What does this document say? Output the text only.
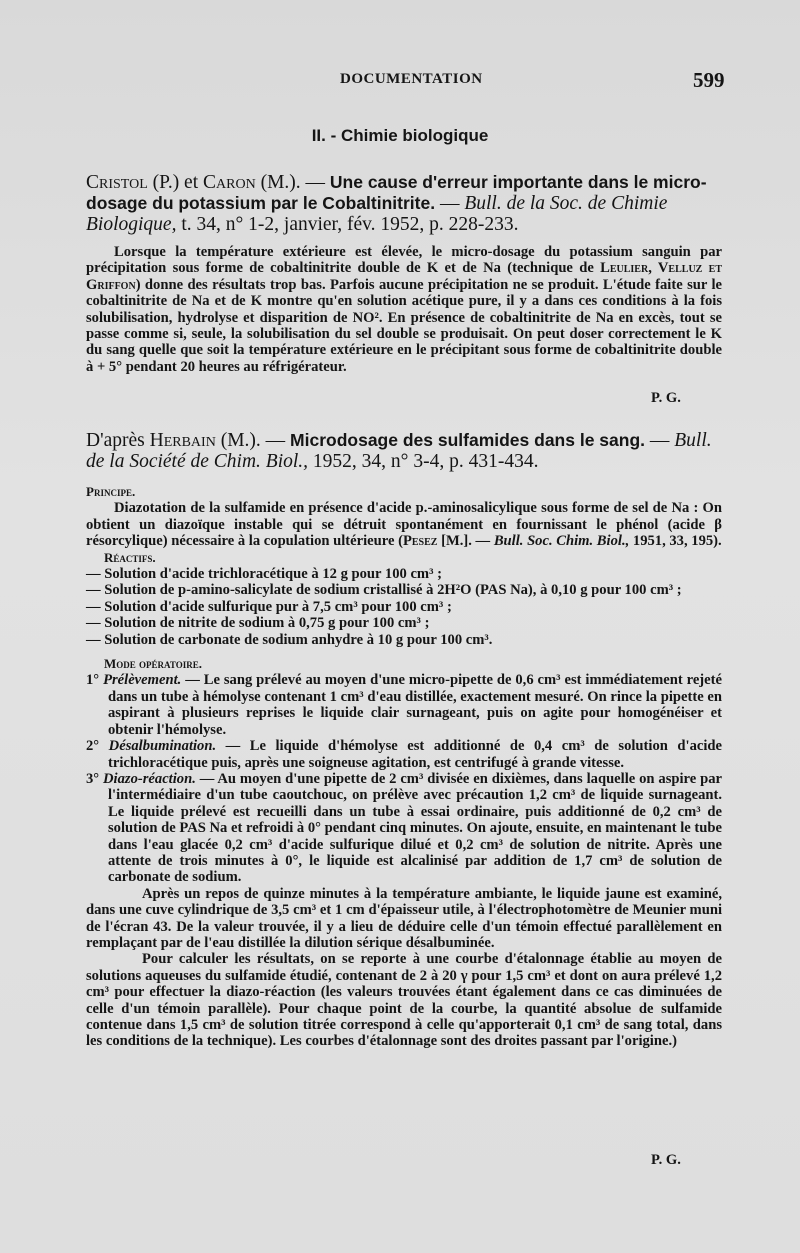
DOCUMENTATION	599
II. - Chimie biologique
Cristol (P.) et Caron (M.). — Une cause d'erreur importante dans le micro-dosage du potassium par le Cobaltinitrite. — Bull. de la Soc. de Chimie Biologique, t. 34, n° 1-2, janvier, fév. 1952, p. 228-233.

Lorsque la température extérieure est élevée, le micro-dosage du potassium sanguin par précipitation sous forme de cobaltinitrite double de K et de Na (technique de Leulier, Velluz et Griffon) donne des résultats trop bas. Parfois aucune précipitation ne se produit. L'étude faite sur le cobaltinitrite de Na et de K montre qu'en solution acétique pure, il y a dans ces conditions à la fois solubilisation, hydrolyse et disparition de NO². En présence de cobaltinitrite de Na en excès, tout se passe comme si, seule, la solubilisation du sel double se produisait. On peut doser correctement le K du sang quelle que soit la température extérieure en le précipitant sous forme de cobaltinitrite double à + 5° pendant 20 heures au réfrigérateur.

P. G.
D'après Herbain (M.). — Microdosage des sulfamides dans le sang. — Bull. de la Société de Chim. Biol., 1952, 34, n° 3-4, p. 431-434.

Principe.

Diazotation de la sulfamide en présence d'acide p.-aminosalicylique sous forme de sel de Na : On obtient un diazoïque instable qui se détruit spontanément en fournissant le phénol (acide β résorcylique) nécessaire à la copulation ultérieure (Pesez [M.]. — Bull. Soc. Chim. Biol., 1951, 33, 195).

Réactifs.

— Solution d'acide trichloracétique à 12 g pour 100 cm³ ;

— Solution de p-amino-salicylate de sodium cristallisé à 2H²O (PAS Na), à 0,10 g pour 100 cm³ ;

— Solution d'acide sulfurique pur à 7,5 cm³ pour 100 cm³ ;

— Solution de nitrite de sodium à 0,75 g pour 100 cm³ ;

— Solution de carbonate de sodium anhydre à 10 g pour 100 cm³.

Mode opératoire.

1° Prélèvement. — Le sang prélevé au moyen d'une micro-pipette de 0,6 cm³ est immédiatement rejeté dans un tube à hémolyse contenant 1 cm³ d'eau distillée, exactement mesuré. On rince la pipette en aspirant à plusieurs reprises le liquide clair surnageant, puis on agite pour homogénéiser et obtenir l'hémolyse.

2° Désalbumination. — Le liquide d'hémolyse est additionné de 0,4 cm³ de solution d'acide trichloracétique puis, après une soigneuse agitation, est centrifugé à grande vitesse.

3° Diazo-réaction. — Au moyen d'une pipette de 2 cm³ divisée en dixièmes, dans laquelle on aspire par l'intermédiaire d'un tube caoutchouc, on prélève avec précaution 1,2 cm³ de liquide surnageant. Le liquide prélevé est recueilli dans un tube à essai ordinaire, puis additionné de 0,2 cm³ de solution de PAS Na et refroidi à 0° pendant cinq minutes. On ajoute, ensuite, en maintenant le tube dans l'eau glacée 0,2 cm³ d'acide sulfurique dilué et 0,2 cm³ de solution de nitrite. Après une attente de trois minutes à 0°, le liquide est alcalinisé par addition de 1,7 cm³ de solution de carbonate de sodium.

Après un repos de quinze minutes à la température ambiante, le liquide jaune est examiné, dans une cuve cylindrique de 3,5 cm³ et 1 cm d'épaisseur utile, à l'électrophotomètre de Meunier muni de l'écran 43. De la valeur trouvée, il y a lieu de déduire celle d'un témoin effectué parallèlement en remplaçant par de l'eau distillée la dilution sérique désalbuminée.

Pour calculer les résultats, on se reporte à une courbe d'étalonnage établie au moyen de solutions aqueuses du sulfamide étudié, contenant de 2 à 20 γ pour 1,5 cm³ et dont on aura prélevé 1,2 cm³ pour effectuer la diazo-réaction (les valeurs trouvées étant également dans ce cas diminuées de celle d'un témoin parallèle). Pour chaque point de la courbe, la quantité absolue de sulfamide contenue dans 1,5 cm³ de solution titrée correspond à celle qu'apporterait 0,1 cm³ de sang total, dans les conditions de la technique). Les courbes d'étalonnage sont des droites passant par l'origine.)

P. G.
